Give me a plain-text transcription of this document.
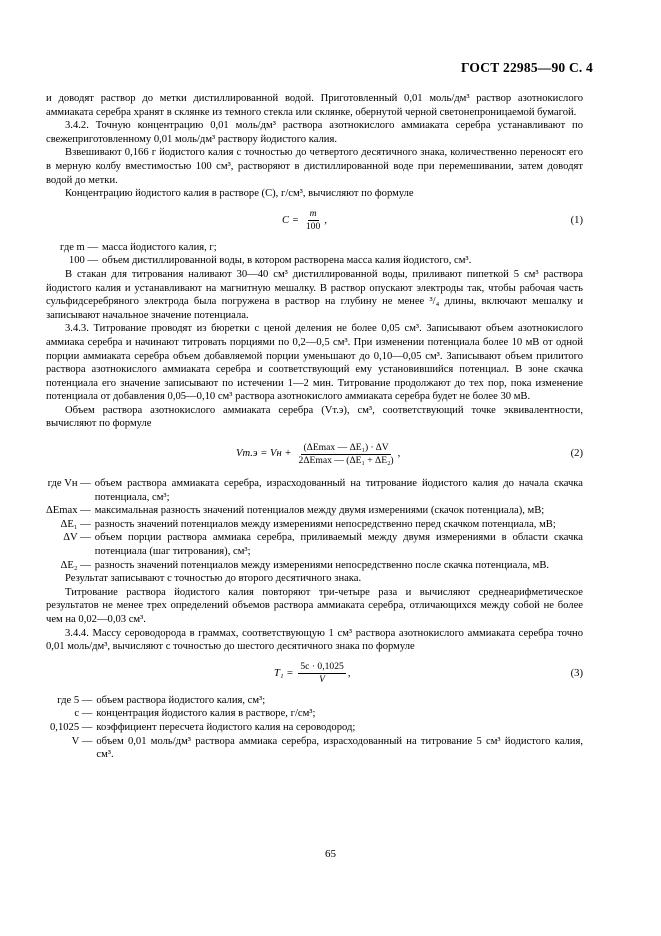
ГОСТ 22985—90 С. 4

и доводят раствор до метки дистиллированной водой. Приготовленный 0,01 моль/дм³ раствор азотнокислого аммиаката серебра хранят в склянке из темного стекла или склянке, обернутой черной светонепроницаемой бумагой.

3.4.2. Точную концентрацию 0,01 моль/дм³ раствора азотнокислого аммиаката серебра устанавливают по свежеприготовленному 0,01 моль/дм³ раствору йодистого калия.

Взвешивают 0,166 г йодистого калия с точностью до четвертого десятичного знака, количественно переносят его в мерную колбу вместимостью 100 см³, растворяют в дистиллированной воде при перемешивании, затем доводят водой до метки.

Концентрацию йодистого калия в растворе (С), г/см³, вычисляют по формуле

$C = \frac{m}{100}$ ,	(1)
где m — масса йодистого калия, г;
100 — объем дистиллированной воды, в котором растворена масса калия йодистого, см³.

В стакан для титрования наливают 30—40 см³ дистиллированной воды, приливают пипеткой 5 см³ раствора йодистого калия и устанавливают на магнитную мешалку. В раствор опускают электроды так, чтобы рабочая часть сульфидсеребряного электрода была погружена в раствор на глубину не менее ³/₄ длины, включают мешалку и записывают начальное значение потенциала.

3.4.3. Титрование проводят из бюретки с ценой деления не более 0,05 см³. Записывают объем азотнокислого аммиака серебра и начинают титровать порциями по 0,2—0,5 см³. При изменении потенциала более 10 мВ от одной порции аммиаката серебра объем добавляемой порции уменьшают до 0,10—0,05 см³. Записывают объем прилитого раствора азотнокислого аммиаката серебра и соответствующий ему установившийся потенциал. В зоне скачка потенциала его значение записывают по истечении 1—2 мин. Титрование продолжают до тех пор, пока изменение потенциала от добавления 0,05—0,10 см³ раствора азотнокислого аммиаката серебра будет не более 30 мВ.

Объем раствора азотнокислого аммиаката серебра (Vт.э), см³, соответствующий точке эквивалентности, вычисляют по формуле

Vт.э = Vн + $\frac{\text{(ΔEmax — ΔE₁) · ΔV}}{\text{2ΔEmax — (ΔE₁ + ΔE₂)}}$ ,	(2)
где Vн — объем раствора аммиаката серебра, израсходованный на титрование йодистого калия до начала скачка потенциала, см³;
ΔEmax — максимальная разность значений потенциалов между двумя измерениями (скачок потенциала), мВ;
ΔE₁ — разность значений потенциалов между измерениями непосредственно перед скачком потенциала, мВ;
ΔV — объем порции раствора аммиака серебра, приливаемый между двумя измерениями в области скачка потенциала (шаг титрования), см³;
ΔE₂ — разность значений потенциалов между измерениями непосредственно после скачка потенциала, мВ.

Результат записывают с точностью до второго десятичного знака.

Титрование раствора йодистого калия повторяют три-четыре раза и вычисляют среднеарифметическое результатов не менее трех определений объемов раствора аммиаката серебра, отличающихся между собой не более чем на 0,02—0,03 см³.

3.4.4. Массу сероводорода в граммах, соответствующую 1 см³ раствора азотнокислого аммиаката серебра точно 0,01 моль/дм³, вычисляют с точностью до шестого десятичного знака по формуле

$T_1 = \frac{5c \cdot 0,1025}{V}$ ,	(3)
где 5 — объем раствора йодистого калия, см³;
c — концентрация йодистого калия в растворе, г/см³;
0,1025 — коэффициент пересчета йодистого калия на сероводород;
V — объем 0,01 моль/дм³ раствора аммиака серебра, израсходованный на титрование 5 см³ йодистого калия, см³.
65
